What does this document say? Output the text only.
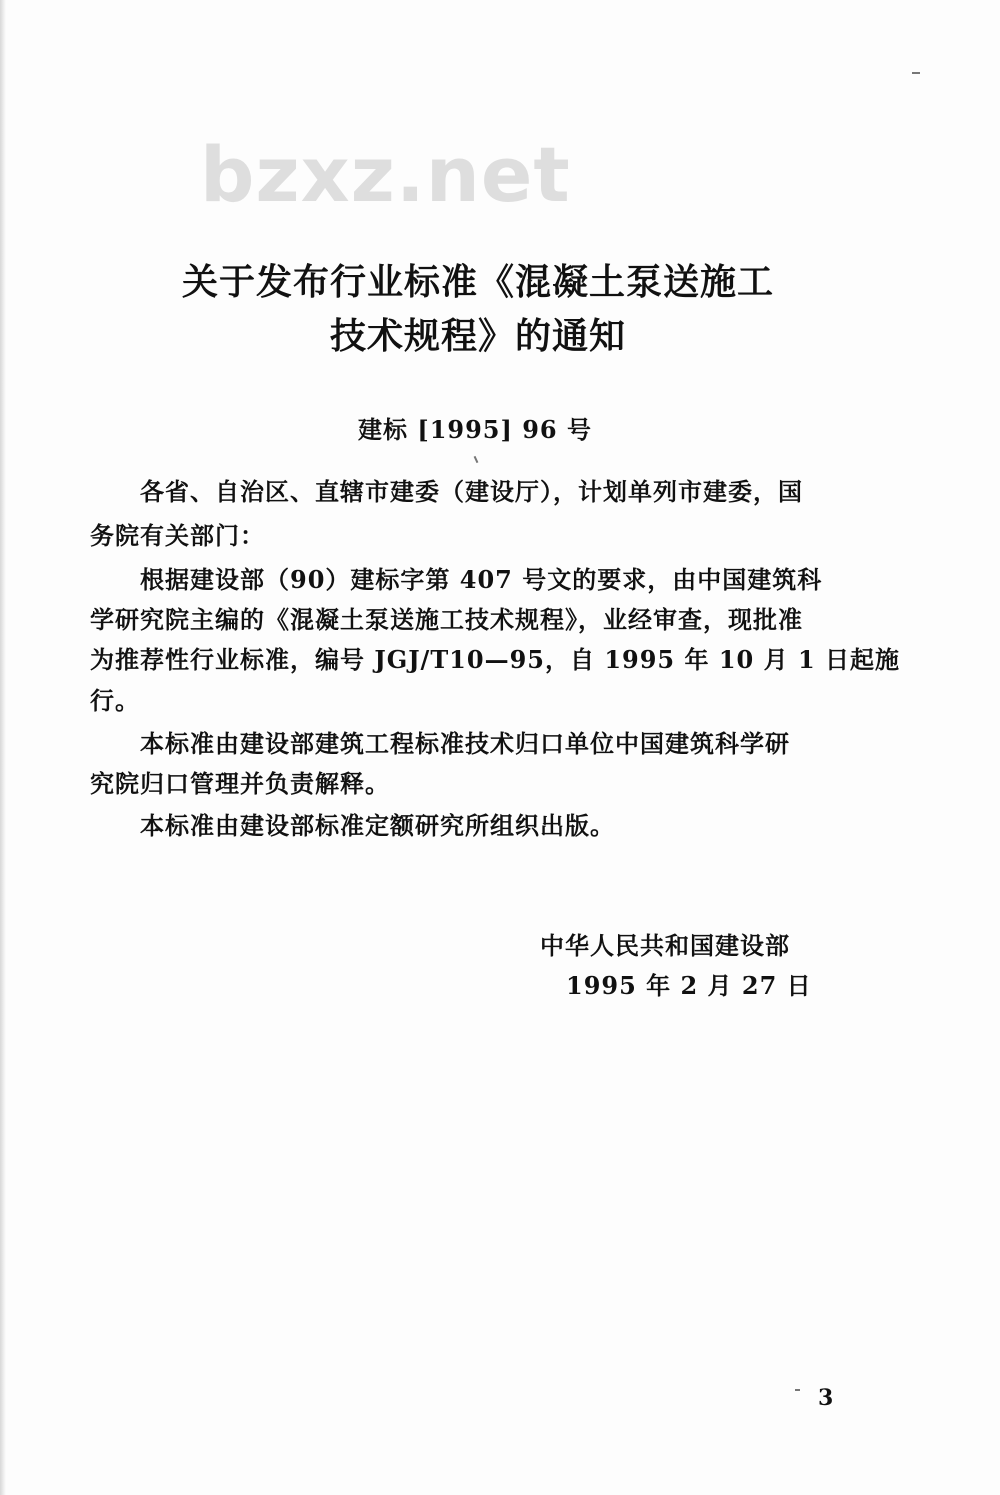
bzxz.net
关于发布行业标准《混凝土泵送施工
技术规程》的通知
建标 [1995] 96 号
各省、自治区、直辖市建委（建设厅），计划单列市建委，国
务院有关部门：
根据建设部（90）建标字第 407 号文的要求，由中国建筑科
学研究院主编的《混凝土泵送施工技术规程》，业经审查，现批准
为推荐性行业标准，编号 JGJ/T10—95，自 1995 年 10 月 1 日起施
行。
本标准由建设部建筑工程标准技术归口单位中国建筑科学研
究院归口管理并负责解释。
本标准由建设部标准定额研究所组织出版。
中华人民共和国建设部
1995 年 2 月 27 日
3
